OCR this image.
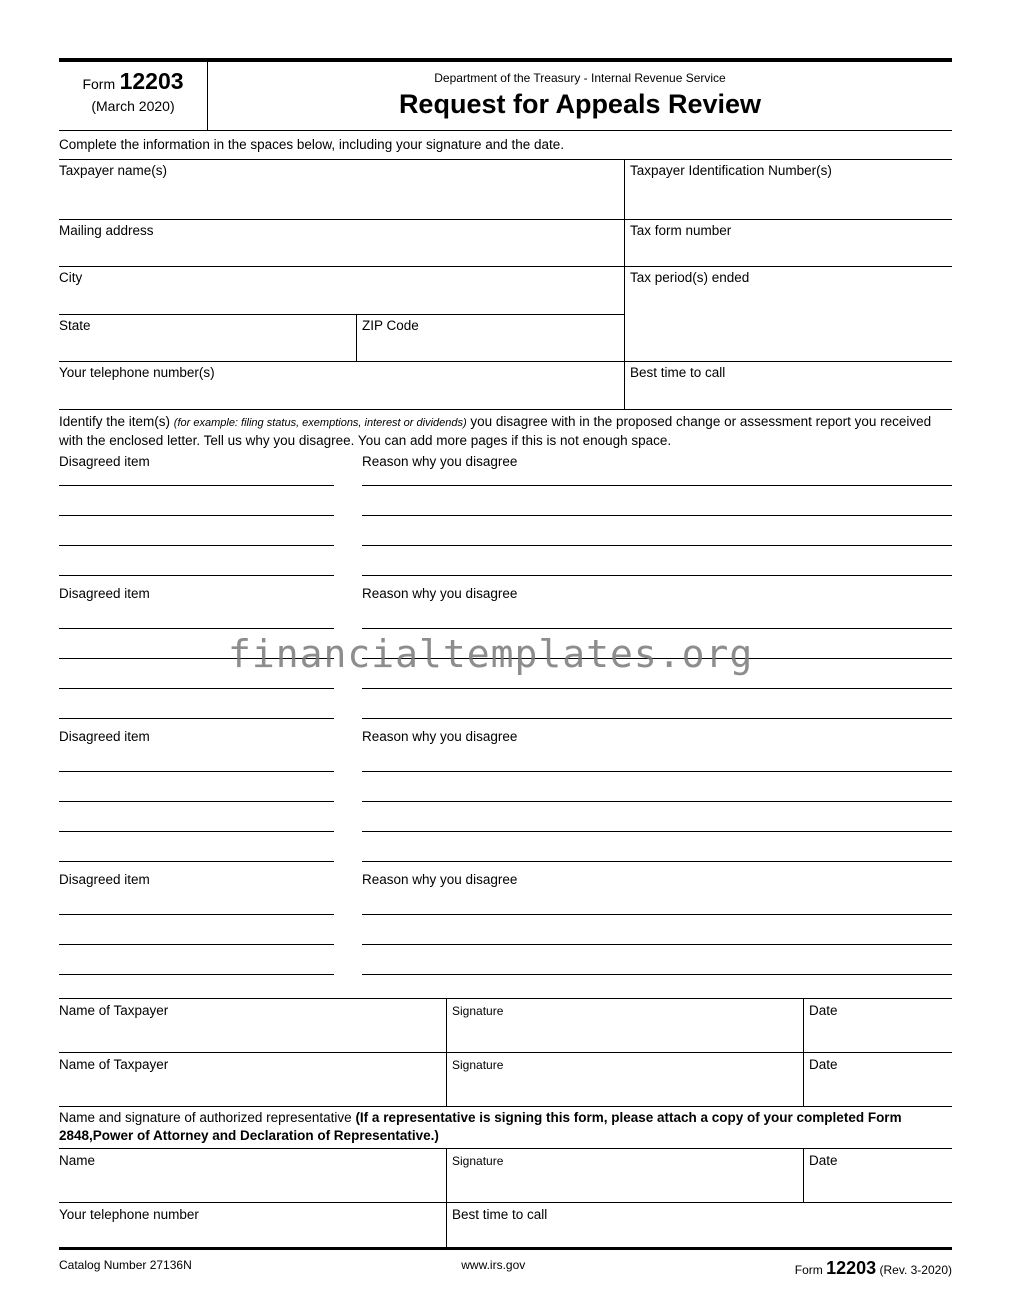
Form 12203
(March 2020)
Department of the Treasury - Internal Revenue Service
Request for Appeals Review
Complete the information in the spaces below, including your signature and the date.
Taxpayer name(s)	Taxpayer Identification Number(s)
Mailing address	Tax form number
City
State	ZIP Code
Tax period(s) ended
Your telephone number(s)	Best time to call
Identify the item(s) (for example: filing status, exemptions, interest or dividends) you disagree with in the proposed change or assessment report you received with the enclosed letter. Tell us why you disagree. You can add more pages if this is not enough space.
Disagreed item	Reason why you disagree
Disagreed item	Reason why you disagree
Disagreed item	Reason why you disagree
Disagreed item	Reason why you disagree
financialtemplates.org
Name of Taxpayer	Signature	Date
Name of Taxpayer	Signature	Date
Name and signature of authorized representative (If a representative is signing this form, please attach a copy of your completed Form 2848,Power of Attorney and Declaration of Representative.)
Name	Signature	Date
Your telephone number	Best time to call
Catalog Number 27136N	www.irs.gov	Form 12203 (Rev. 3-2020)
